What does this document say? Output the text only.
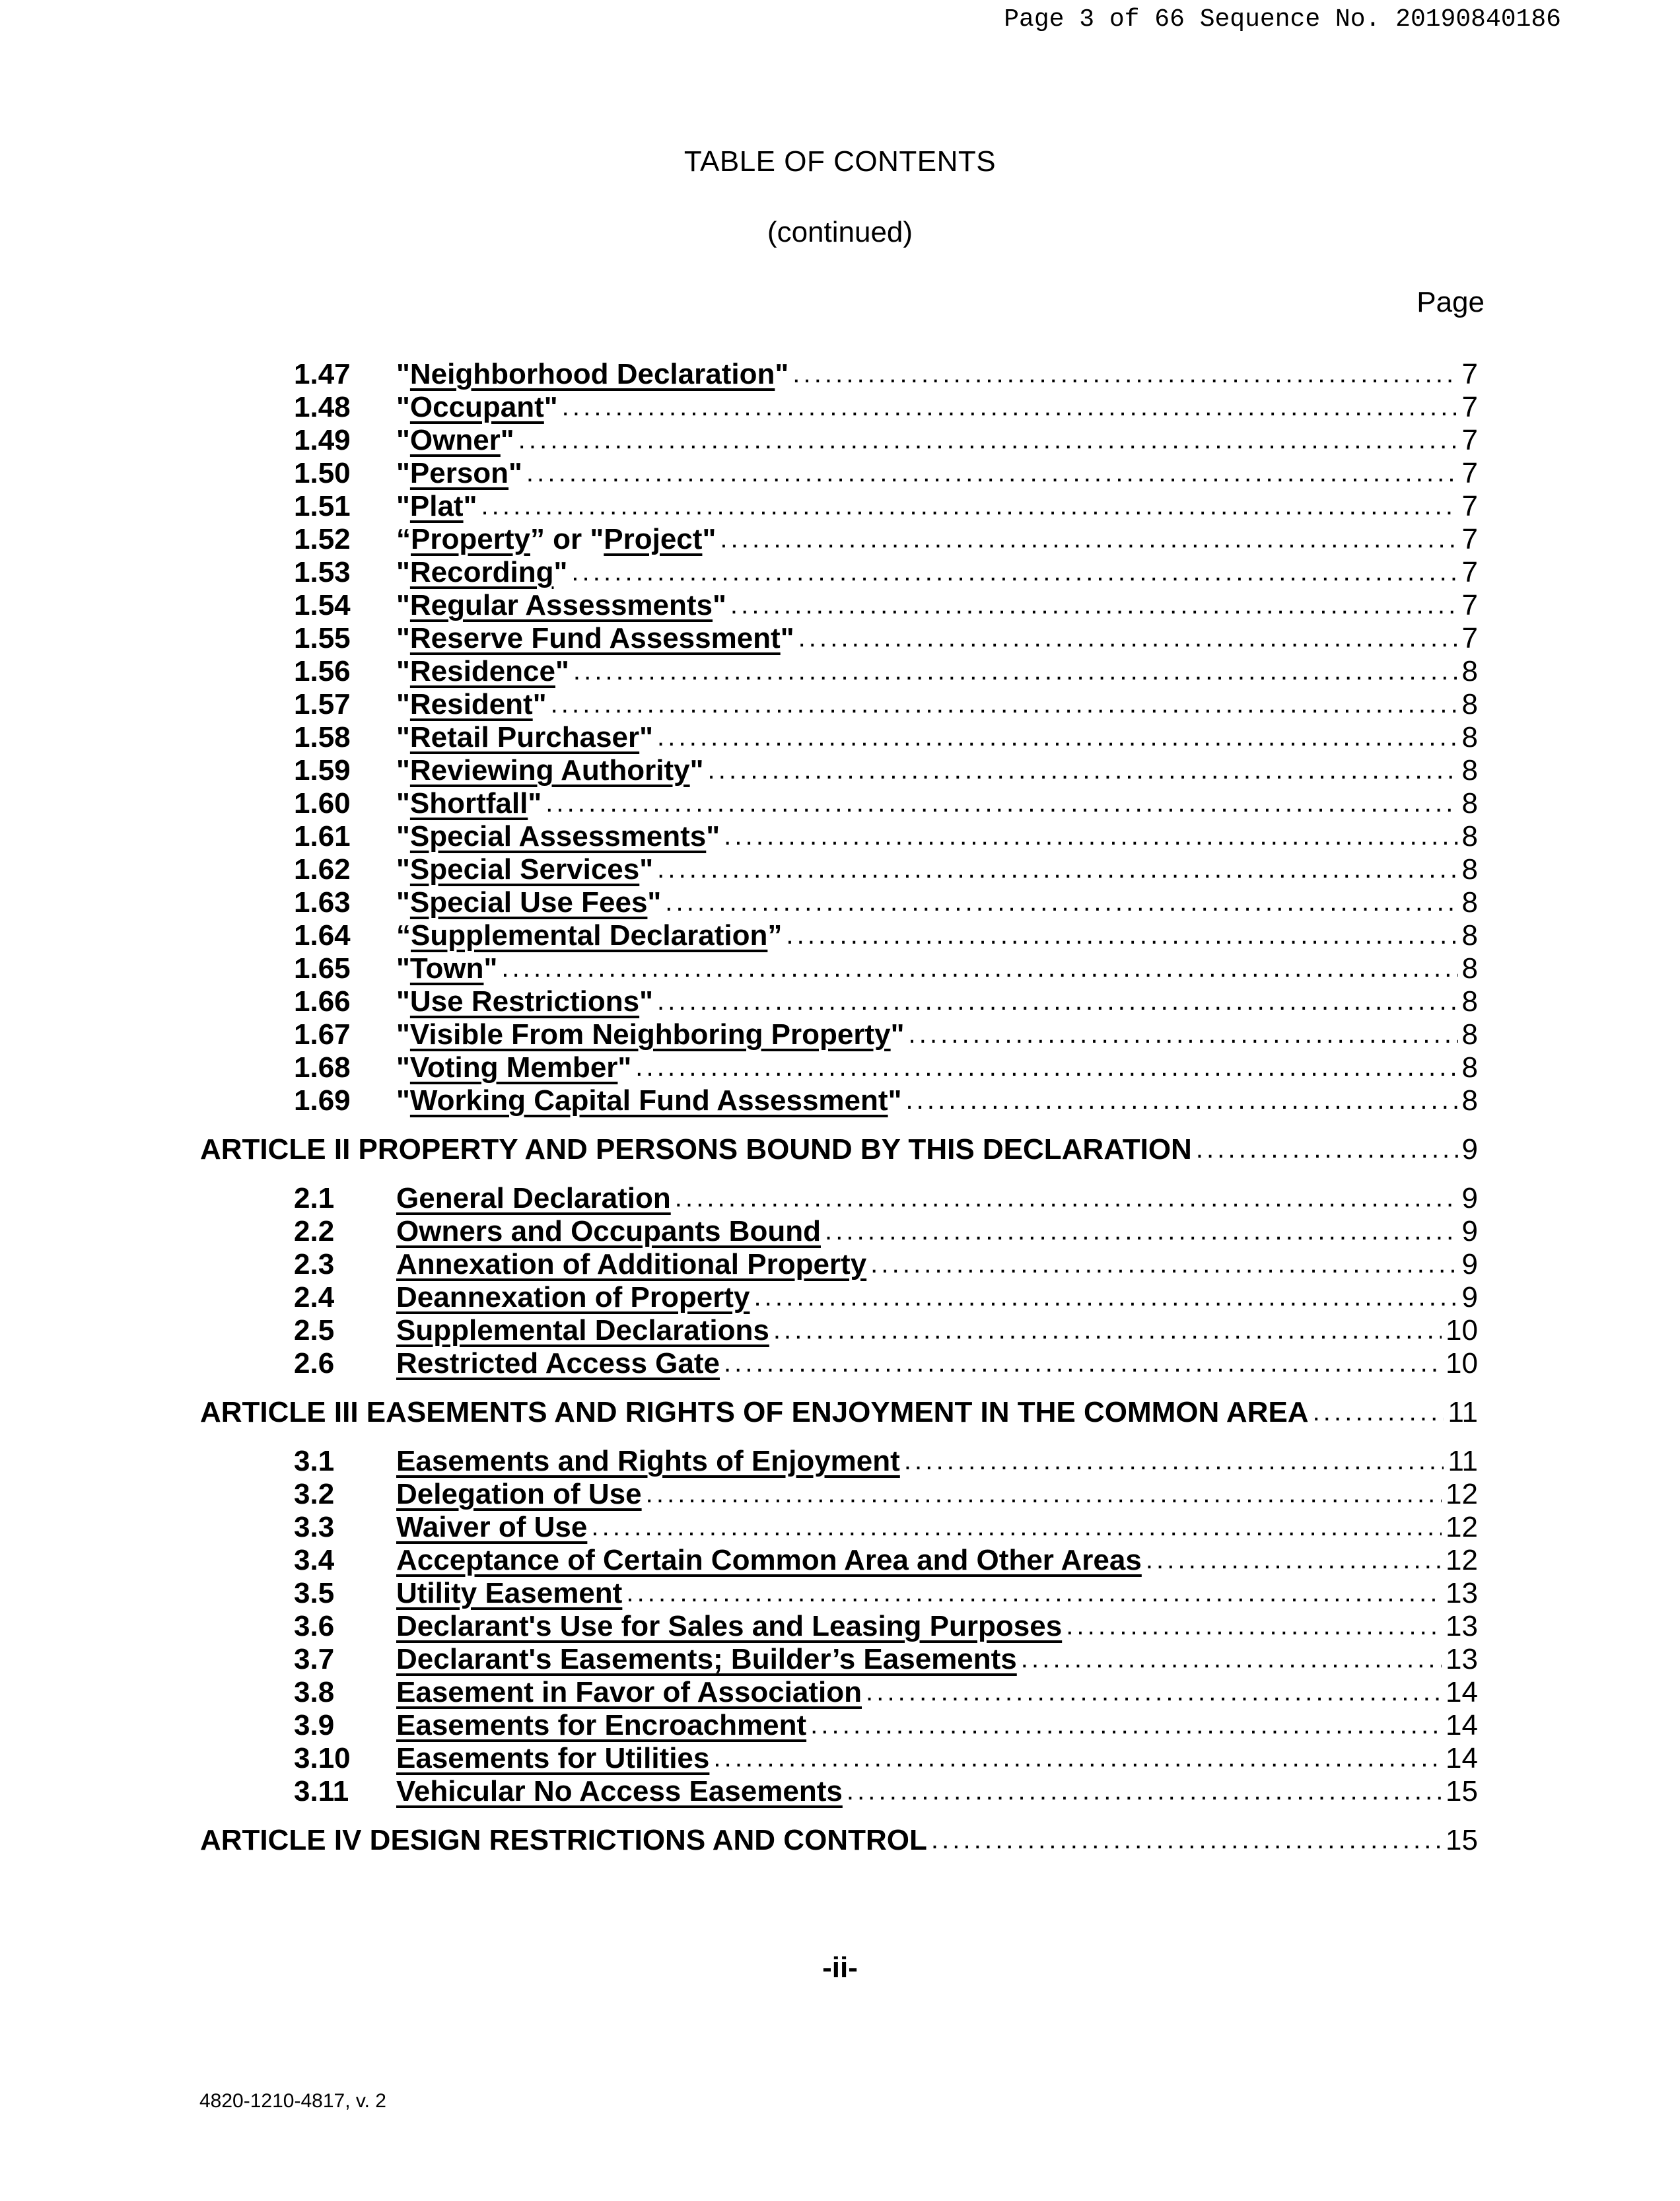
Page 3 of 66 Sequence No. 20190840186
TABLE OF CONTENTS
(continued)
Page
1.47	"Neighborhood Declaration" . . .	7
1.48	"Occupant" . . .	7
1.49	"Owner" . . .	7
1.50	"Person" . . .	7
1.51	"Plat" . . .	7
1.52	“Property” or "Project" . . .	7
1.53	"Recording" . . .	7
1.54	"Regular Assessments" . . .	7
1.55	"Reserve Fund Assessment" . . .	7
1.56	"Residence" . . .	8
1.57	"Resident" . . .	8
1.58	"Retail Purchaser" . . .	8
1.59	"Reviewing Authority" . . .	8
1.60	"Shortfall" . . .	8
1.61	"Special Assessments" . . .	8
1.62	"Special Services" . . .	8
1.63	"Special Use Fees" . . .	8
1.64	“Supplemental Declaration” . . .	8
1.65	"Town" . . .	8
1.66	"Use Restrictions" . . .	8
1.67	"Visible From Neighboring Property" . . .	8
1.68	"Voting Member" . . .	8
1.69	"Working Capital Fund Assessment" . . .	8
ARTICLE II PROPERTY AND PERSONS BOUND BY THIS DECLARATION . . .	9
2.1	General Declaration . . .	9
2.2	Owners and Occupants Bound . . .	9
2.3	Annexation of Additional Property . . .	9
2.4	Deannexation of Property . . .	9
2.5	Supplemental Declarations . . .	10
2.6	Restricted Access Gate . . .	10
ARTICLE III EASEMENTS AND RIGHTS OF ENJOYMENT IN THE COMMON AREA . . .	11
3.1	Easements and Rights of Enjoyment . . .	11
3.2	Delegation of Use . . .	12
3.3	Waiver of Use . . .	12
3.4	Acceptance of Certain Common Area and Other Areas . . .	12
3.5	Utility Easement . . .	13
3.6	Declarant's Use for Sales and Leasing Purposes . . .	13
3.7	Declarant's Easements; Builder’s Easements . . .	13
3.8	Easement in Favor of Association . . .	14
3.9	Easements for Encroachment . . .	14
3.10	Easements for Utilities . . .	14
3.11	Vehicular No Access Easements . . .	15
ARTICLE IV DESIGN RESTRICTIONS AND CONTROL . . .	15
-ii-
4820-1210-4817, v. 2
